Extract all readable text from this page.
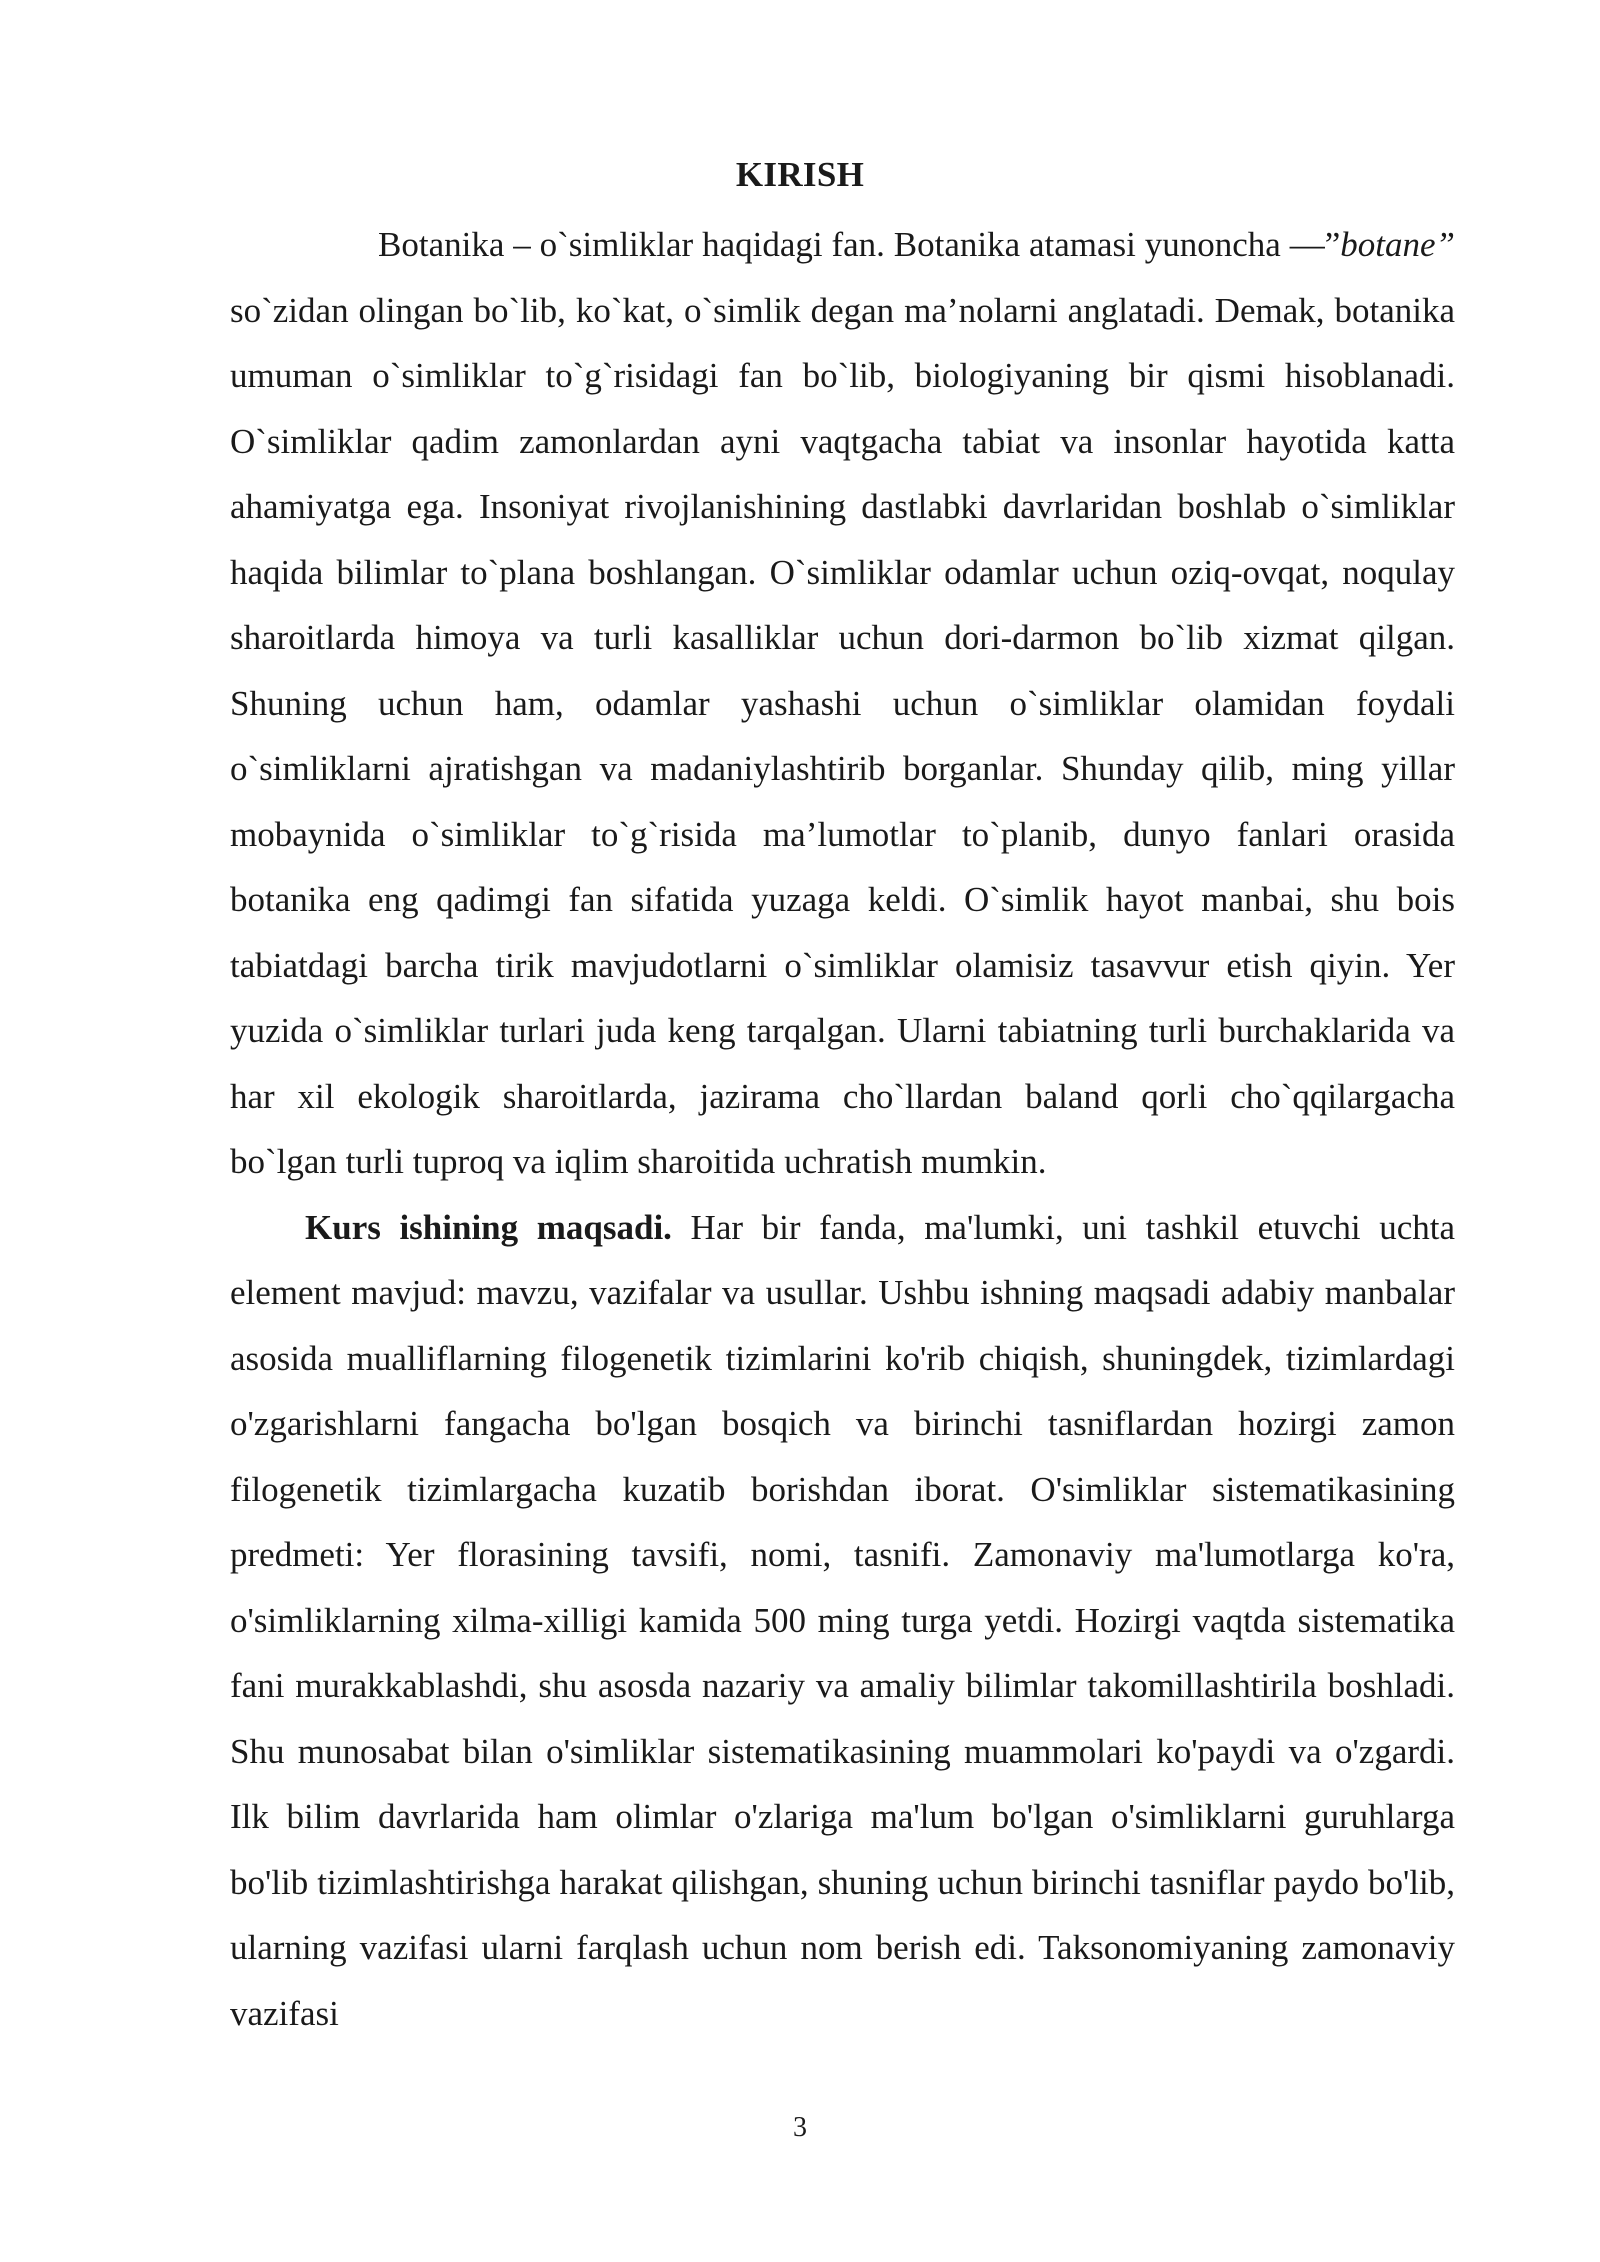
KIRISH

Botanika – o`simliklar haqidagi fan. Botanika atamasi yunoncha —”botane” so`zidan olingan bo`lib, ko`kat, o`simlik degan ma’nolarni anglatadi. Demak, botanika umuman o`simliklar to`g`risidagi fan bo`lib, biologiyaning bir qismi hisoblanadi. O`simliklar qadim zamonlardan ayni vaqtgacha tabiat va insonlar hayotida katta ahamiyatga ega. Insoniyat rivojlanishining dastlabki davrlaridan boshlab o`simliklar haqida bilimlar to`plana boshlangan. O`simliklar odamlar uchun oziq-ovqat, noqulay sharoitlarda himoya va turli kasalliklar uchun dori-darmon bo`lib xizmat qilgan. Shuning uchun ham, odamlar yashashi uchun o`simliklar olamidan foydali o`simliklarni ajratishgan va madaniylashtirib borganlar. Shunday qilib, ming yillar mobaynida o`simliklar to`g`risida ma’lumotlar to`planib, dunyo fanlari orasida botanika eng qadimgi fan sifatida yuzaga keldi. O`simlik hayot manbai, shu bois tabiatdagi barcha tirik mavjudotlarni o`simliklar olamisiz tasavvur etish qiyin. Yer yuzida o`simliklar turlari juda keng tarqalgan. Ularni tabiatning turli burchaklarida va har xil ekologik sharoitlarda, jazirama cho`llardan baland qorli cho`qqilargacha bo`lgan turli tuproq va iqlim sharoitida uchratish mumkin.

Kurs ishining maqsadi. Har bir fanda, ma'lumki, uni tashkil etuvchi uchta element mavjud: mavzu, vazifalar va usullar. Ushbu ishning maqsadi adabiy manbalar asosida mualliflarning filogenetik tizimlarini ko'rib chiqish, shuningdek, tizimlardagi o'zgarishlarni fangacha bo'lgan bosqich va birinchi tasniflardan hozirgi zamon filogenetik tizimlargacha kuzatib borishdan iborat. O'simliklar sistematikasining predmeti: Yer florasining tavsifi, nomi, tasnifi. Zamonaviy ma'lumotlarga ko'ra, o'simliklarning xilma-xilligi kamida 500 ming turga yetdi. Hozirgi vaqtda sistematika fani murakkablashdi, shu asosda nazariy va amaliy bilimlar takomillashtirila boshladi. Shu munosabat bilan o'simliklar sistematikasining muammolari ko'paydi va o'zgardi. Ilk bilim davrlarida ham olimlar o'zlariga ma'lum bo'lgan o'simliklarni guruhlarga bo'lib tizimlashtirishga harakat qilishgan, shuning uchun birinchi tasniflar paydo bo'lib, ularning vazifasi ularni farqlash uchun nom berish edi. Taksonomiyaning zamonaviy vazifasi

3
